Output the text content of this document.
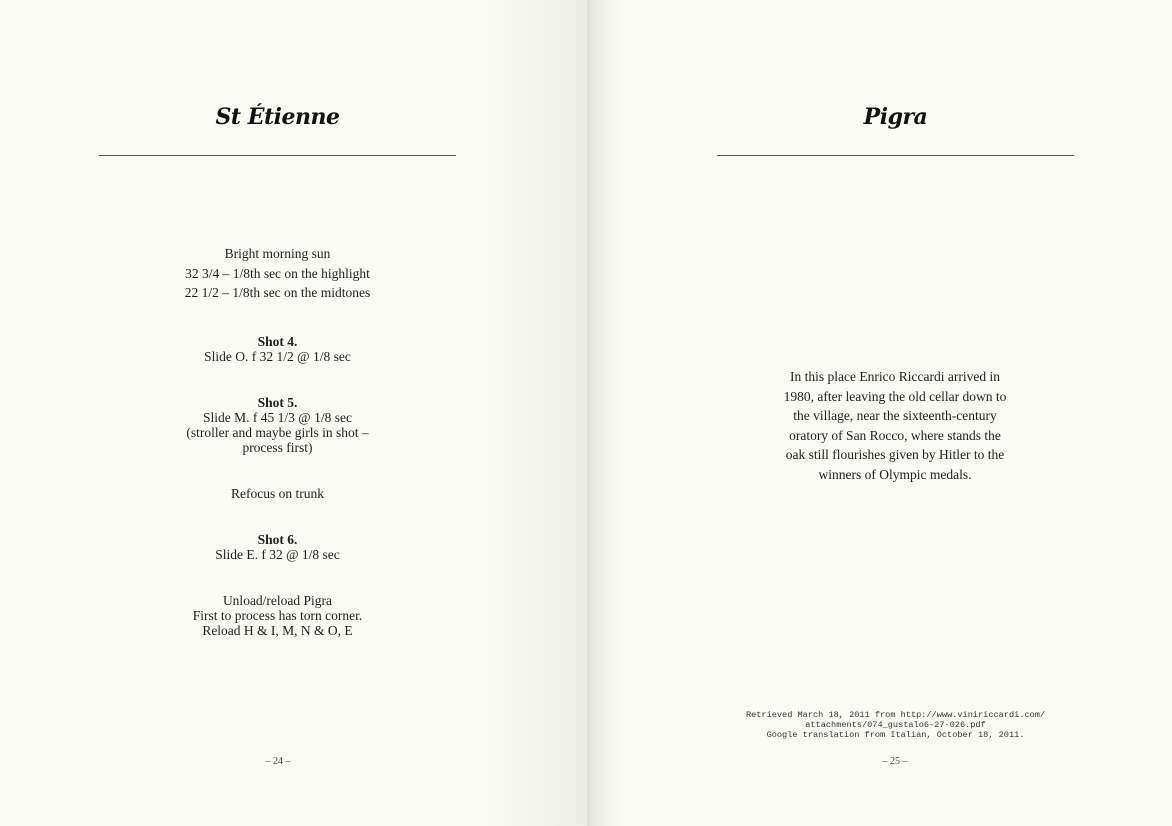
St Étienne
Bright morning sun
32 3/4 – 1/8th sec on the highlight
22 1/2 – 1/8th sec on the midtones
Shot 4.
Slide O. f 32 1/2 @ 1/8 sec
Shot 5.
Slide M. f 45 1/3 @ 1/8 sec
(stroller and maybe girls in shot –
process first)
Refocus on trunk
Shot 6.
Slide E. f 32 @ 1/8 sec
Unload/reload Pigra
First to process has torn corner.
Reload H & I, M, N & O, E
– 24 –
Pigra
In this place Enrico Riccardi arrived in 1980, after leaving the old cellar down to the village, near the sixteenth-century oratory of San Rocco, where stands the oak still flourishes given by Hitler to the winners of Olympic medals.
Retrieved March 18, 2011 from http://www.viniriccardi.com/
attachments/074_gustalo6-27-026.pdf
Google translation from Italian, October 18, 2011.
– 25 –
